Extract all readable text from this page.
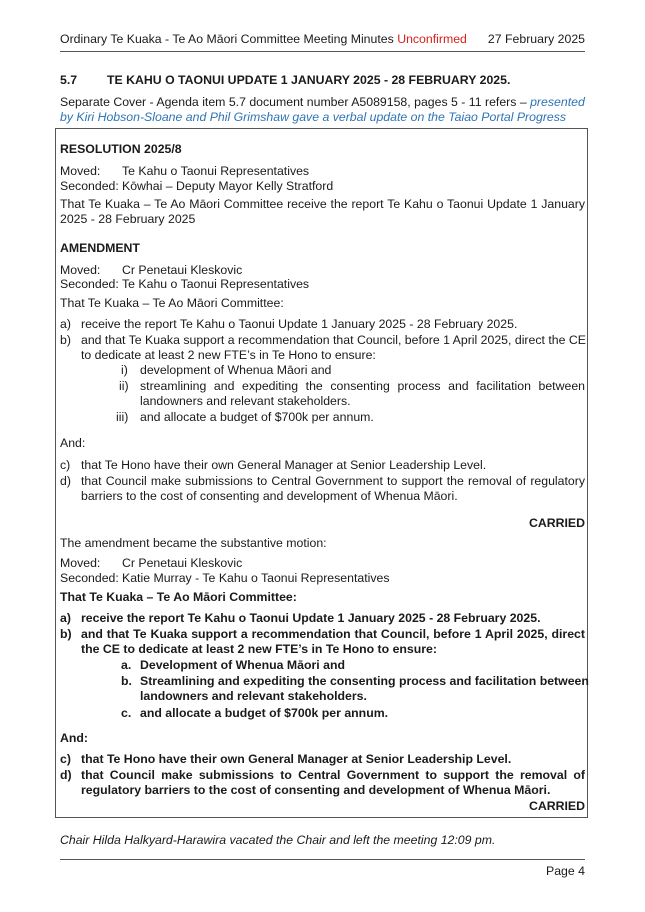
Ordinary Te Kuaka - Te Ao Māori Committee Meeting Minutes Unconfirmed 27 February 2025
5.7 TE KAHU O TAONUI UPDATE 1 JANUARY 2025 - 28 FEBRUARY 2025.
Separate Cover - Agenda item 5.7 document number A5089158, pages 5 - 11 refers – presented by Kiri Hobson-Sloane and Phil Grimshaw gave a verbal update on the Taiao Portal Progress
RESOLUTION 2025/8
Moved: Te Kahu o Taonui Representatives
Seconded: Kōwhai – Deputy Mayor Kelly Stratford
That Te Kuaka – Te Ao Māori Committee receive the report Te Kahu o Taonui Update 1 January 2025 - 28 February 2025
AMENDMENT
Moved: Cr Penetaui Kleskovic
Seconded: Te Kahu o Taonui Representatives
That Te Kuaka – Te Ao Māori Committee:
a) receive the report Te Kahu o Taonui Update 1 January 2025 - 28 February 2025.
b) and that Te Kuaka support a recommendation that Council, before 1 April 2025, direct the CE
to dedicate at least 2 new FTE’s in Te Hono to ensure:
i) development of Whenua Māori and
ii) streamlining and expediting the consenting process and facilitation between
landowners and relevant stakeholders.
iii) and allocate a budget of $700k per annum.
And:
c) that Te Hono have their own General Manager at Senior Leadership Level.
d) that Council make submissions to Central Government to support the removal of regulatory
barriers to the cost of consenting and development of Whenua Māori.
CARRIED
The amendment became the substantive motion:
Moved: Cr Penetaui Kleskovic
Seconded: Katie Murray - Te Kahu o Taonui Representatives
That Te Kuaka – Te Ao Māori Committee:
a) receive the report Te Kahu o Taonui Update 1 January 2025 - 28 February 2025.
b) and that Te Kuaka support a recommendation that Council, before 1 April 2025, direct
the CE to dedicate at least 2 new FTE’s in Te Hono to ensure:
a. Development of Whenua Māori and
b. Streamlining and expediting the consenting process and facilitation between
landowners and relevant stakeholders.
c. and allocate a budget of $700k per annum.
And:
c) that Te Hono have their own General Manager at Senior Leadership Level.
d) that Council make submissions to Central Government to support the removal of
regulatory barriers to the cost of consenting and development of Whenua Māori.
CARRIED
Chair Hilda Halkyard-Harawira vacated the Chair and left the meeting 12:09 pm.
Page 4
